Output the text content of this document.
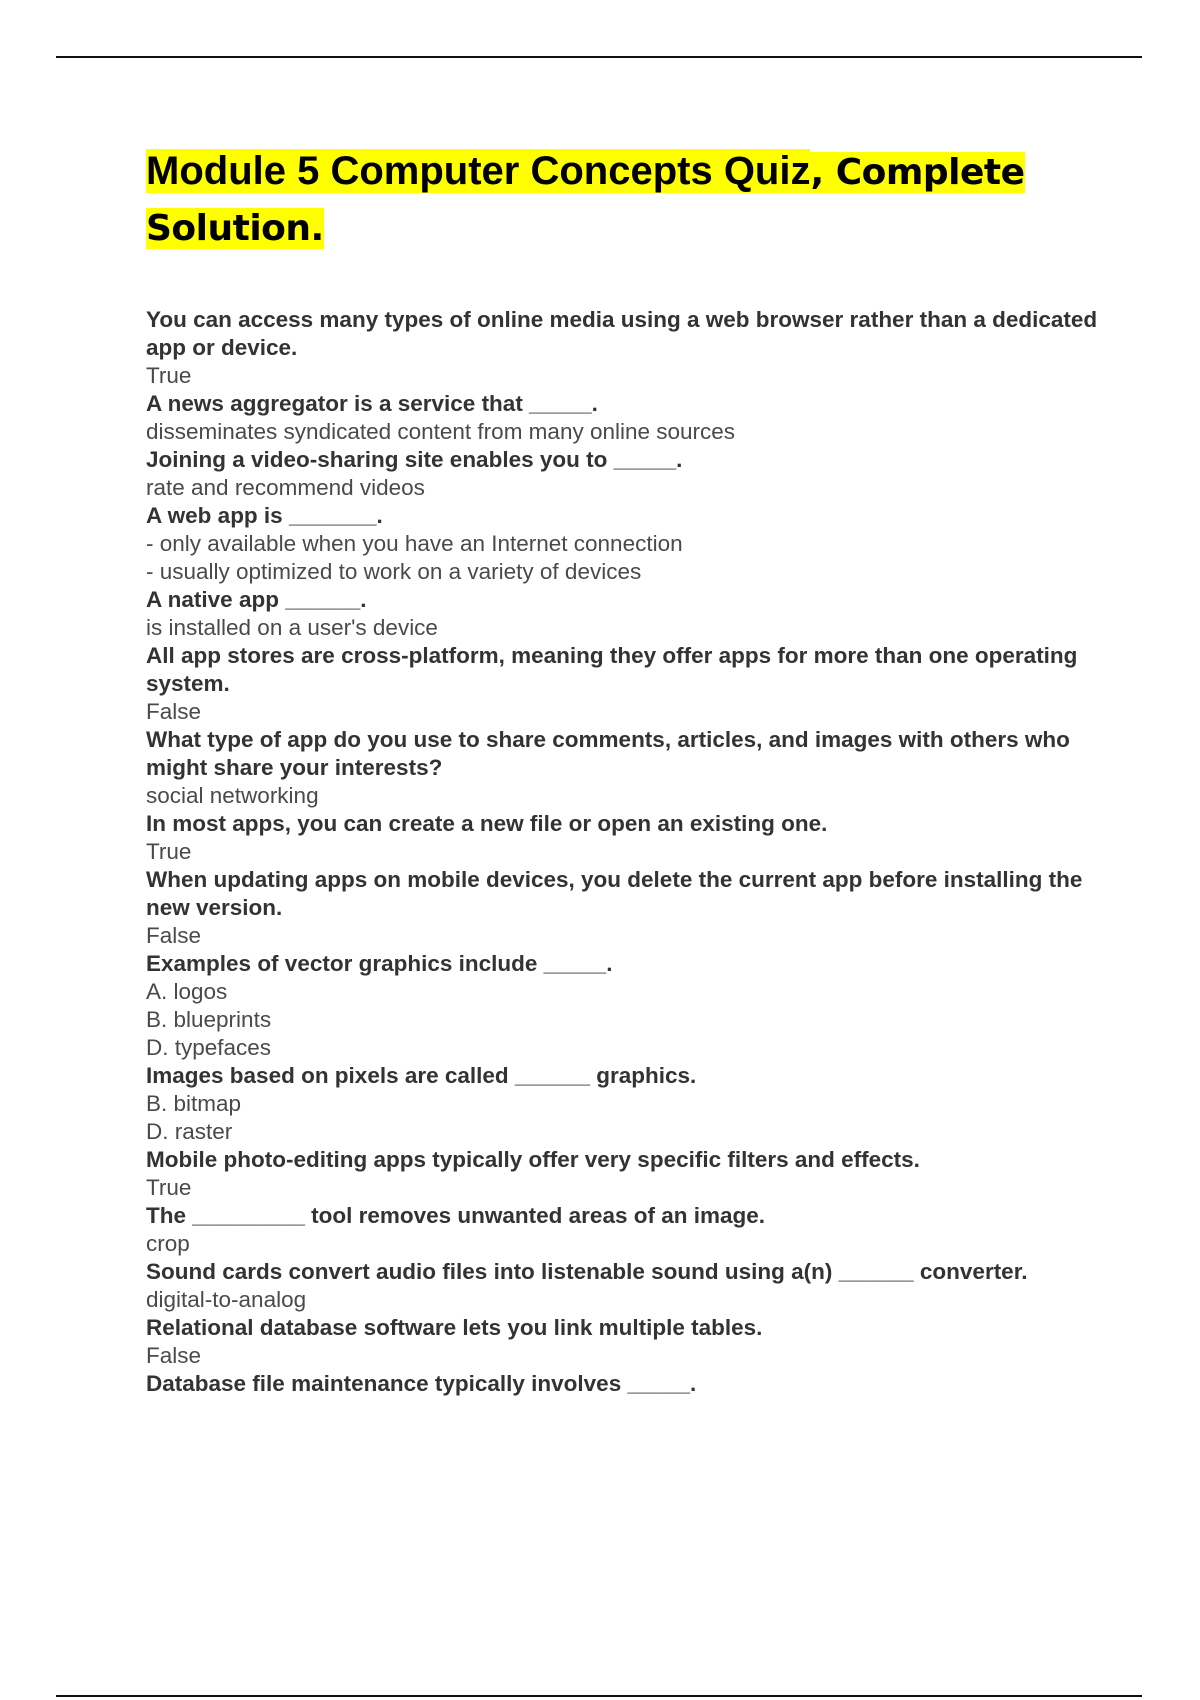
Module 5 Computer Concepts Quiz, Complete Solution.

You can access many types of online media using a web browser rather than a dedicated app or device.

True

A news aggregator is a service that _____.

disseminates syndicated content from many online sources

Joining a video-sharing site enables you to _____.

rate and recommend videos

A web app is _______.

- only available when you have an Internet connection

- usually optimized to work on a variety of devices

A native app ______.

is installed on a user's device

All app stores are cross-platform, meaning they offer apps for more than one operating system.

False

What type of app do you use to share comments, articles, and images with others who might share your interests?

social networking

In most apps, you can create a new file or open an existing one.

True

When updating apps on mobile devices, you delete the current app before installing the new version.

False

Examples of vector graphics include _____.

A. logos

B. blueprints

D. typefaces

Images based on pixels are called ______ graphics.

B. bitmap

D. raster

Mobile photo-editing apps typically offer very specific filters and effects.

True

The _________ tool removes unwanted areas of an image.

crop

Sound cards convert audio files into listenable sound using a(n) ______ converter.

digital-to-analog

Relational database software lets you link multiple tables.

False

Database file maintenance typically involves _____.
